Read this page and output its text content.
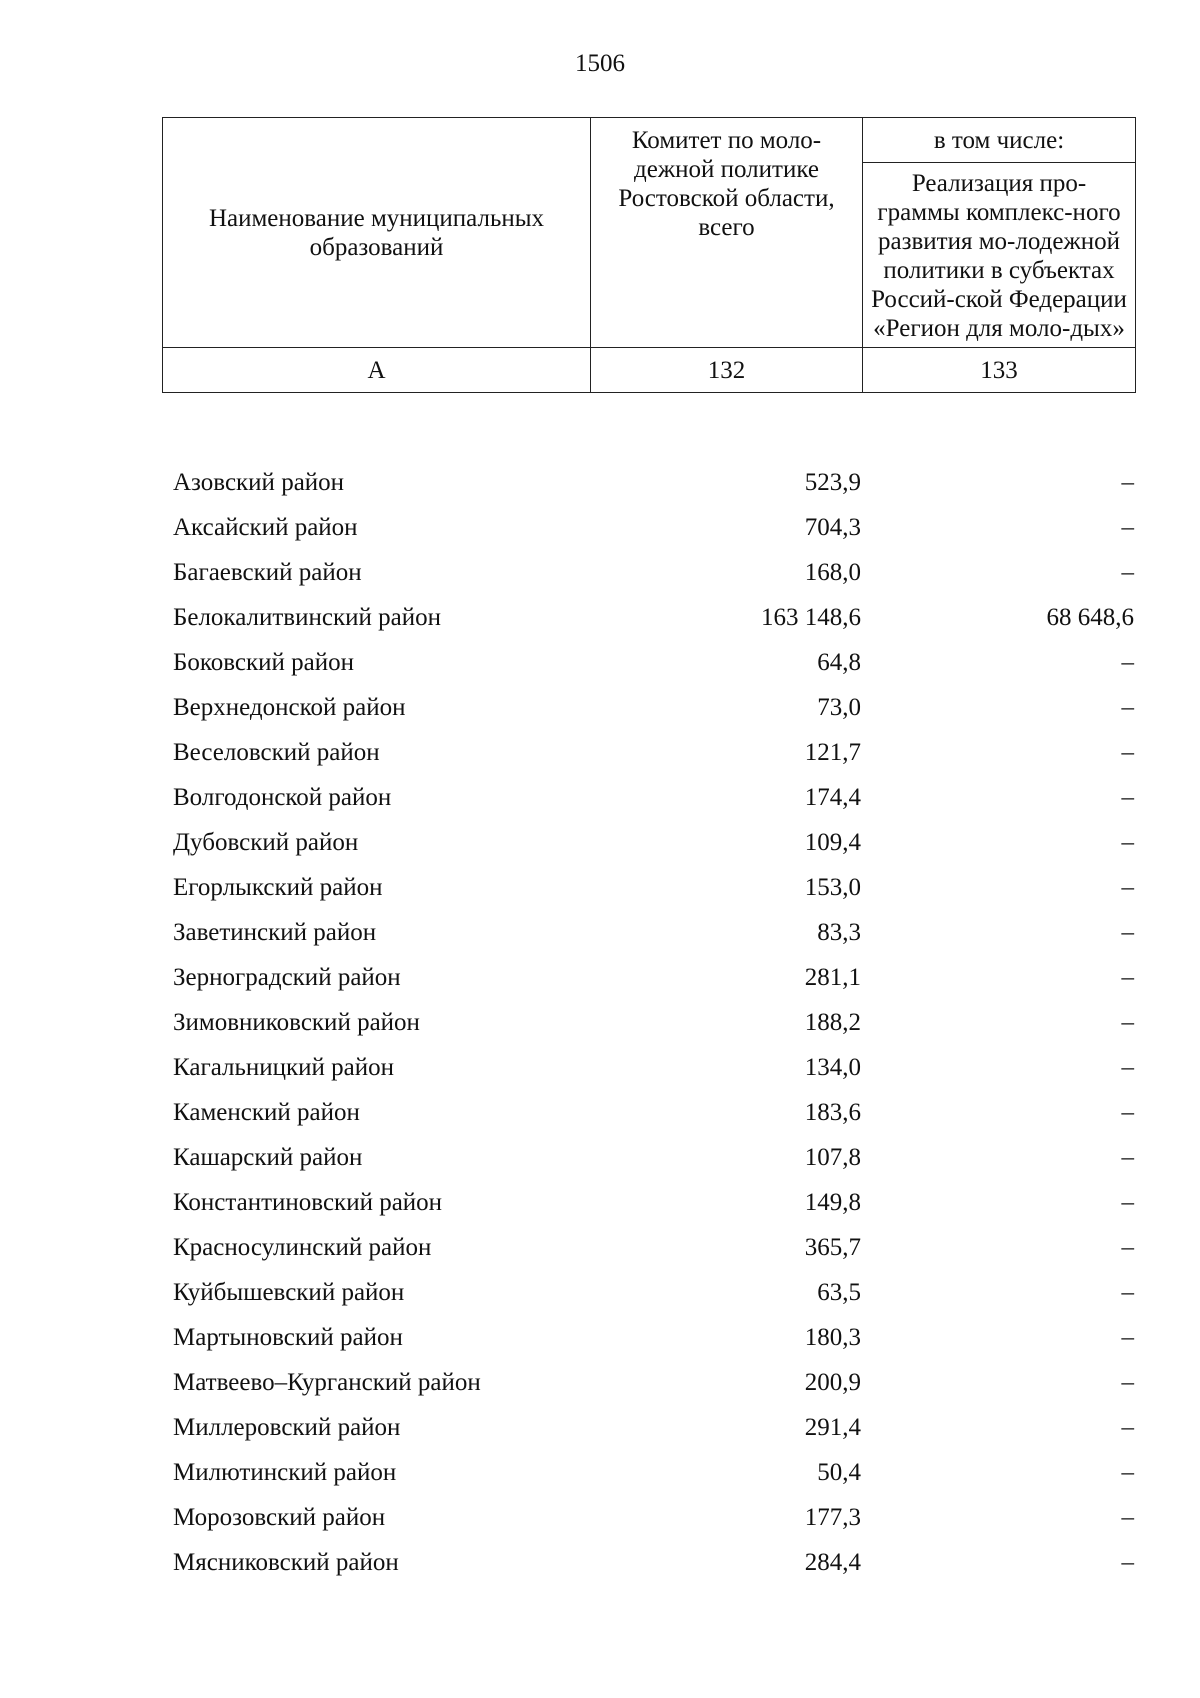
1506
Наименование муниципальных образований	Комитет по моло-дежной политике Ростовской области, всего	в том числе:
		Реализация про-граммы комплекс-ного развития мо-лодежной политики в субъектах Россий-ской Федерации «Регион для моло-дых»
А	132	133
Азовский район	523,9	–
Аксайский район	704,3	–
Багаевский район	168,0	–
Белокалитвинский район	163 148,6	68 648,6
Боковский район	64,8	–
Верхнедонской район	73,0	–
Веселовский район	121,7	–
Волгодонской район	174,4	–
Дубовский район	109,4	–
Егорлыкский район	153,0	–
Заветинский район	83,3	–
Зерноградский район	281,1	–
Зимовниковский район	188,2	–
Кагальницкий район	134,0	–
Каменский район	183,6	–
Кашарский район	107,8	–
Константиновский район	149,8	–
Красносулинский район	365,7	–
Куйбышевский район	63,5	–
Мартыновский район	180,3	–
Матвеево–Курганский район	200,9	–
Миллеровский район	291,4	–
Милютинский район	50,4	–
Морозовский район	177,3	–
Мясниковский район	284,4	–
